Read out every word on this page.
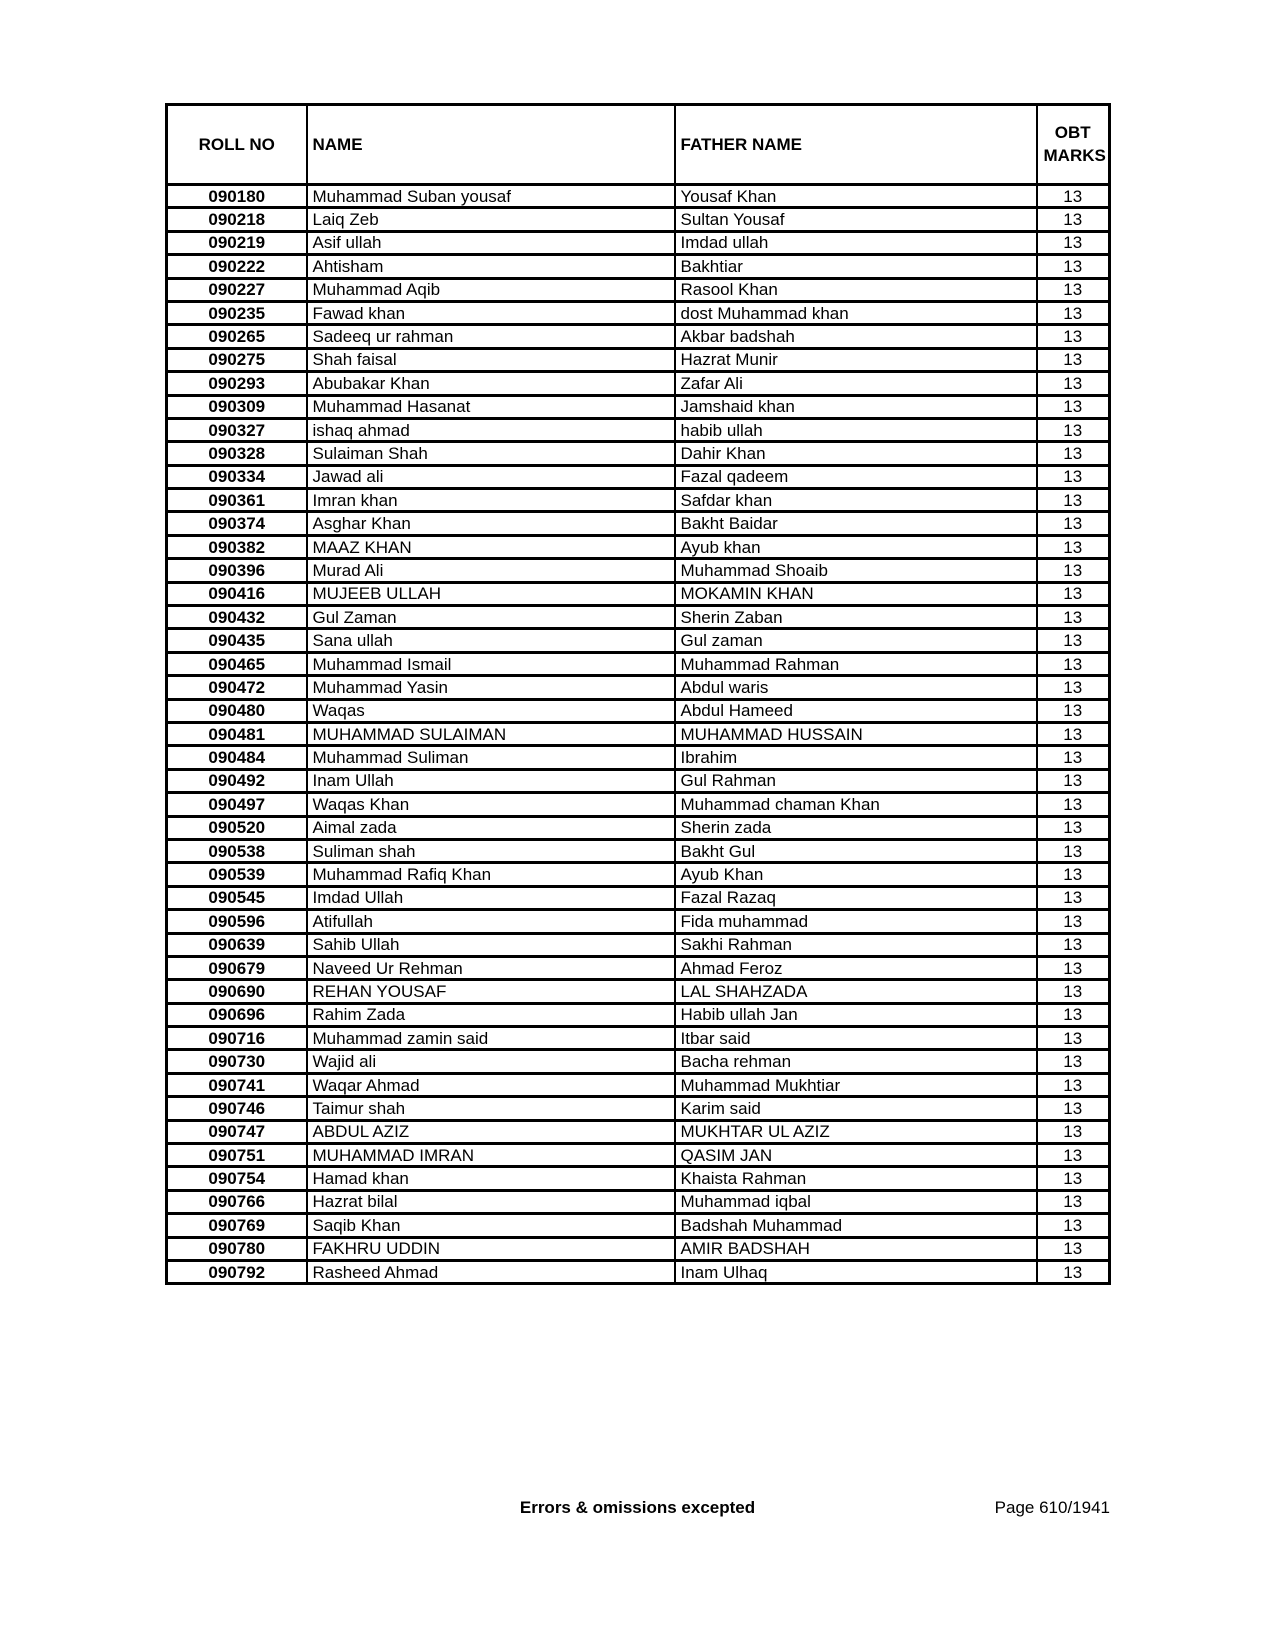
ROLL NO	NAME	FATHER NAME	OBT MARKS
090180	Muhammad Suban yousaf	Yousaf Khan	13
090218	Laiq Zeb	Sultan Yousaf	13
090219	Asif ullah	Imdad ullah	13
090222	Ahtisham	Bakhtiar	13
090227	Muhammad Aqib	Rasool Khan	13
090235	Fawad khan	dost Muhammad khan	13
090265	Sadeeq ur rahman	Akbar badshah	13
090275	Shah faisal	Hazrat Munir	13
090293	Abubakar Khan	Zafar Ali	13
090309	Muhammad Hasanat	Jamshaid khan	13
090327	ishaq ahmad	habib ullah	13
090328	Sulaiman Shah	Dahir Khan	13
090334	Jawad ali	Fazal qadeem	13
090361	Imran khan	Safdar khan	13
090374	Asghar Khan	Bakht Baidar	13
090382	MAAZ KHAN	Ayub khan	13
090396	Murad Ali	Muhammad Shoaib	13
090416	MUJEEB ULLAH	MOKAMIN KHAN	13
090432	Gul Zaman	Sherin Zaban	13
090435	Sana ullah	Gul zaman	13
090465	Muhammad Ismail	Muhammad Rahman	13
090472	Muhammad Yasin	Abdul waris	13
090480	Waqas	Abdul Hameed	13
090481	MUHAMMAD SULAIMAN	MUHAMMAD HUSSAIN	13
090484	Muhammad Suliman	Ibrahim	13
090492	Inam Ullah	Gul Rahman	13
090497	Waqas Khan	Muhammad chaman Khan	13
090520	Aimal zada	Sherin zada	13
090538	Suliman shah	Bakht Gul	13
090539	Muhammad Rafiq Khan	Ayub Khan	13
090545	Imdad Ullah	Fazal Razaq	13
090596	Atifullah	Fida muhammad	13
090639	Sahib Ullah	Sakhi Rahman	13
090679	Naveed Ur Rehman	Ahmad Feroz	13
090690	REHAN YOUSAF	LAL SHAHZADA	13
090696	Rahim Zada	Habib ullah Jan	13
090716	Muhammad zamin said	Itbar said	13
090730	Wajid ali	Bacha rehman	13
090741	Waqar Ahmad	Muhammad Mukhtiar	13
090746	Taimur shah	Karim said	13
090747	ABDUL AZIZ	MUKHTAR UL AZIZ	13
090751	MUHAMMAD IMRAN	QASIM JAN	13
090754	Hamad khan	Khaista Rahman	13
090766	Hazrat bilal	Muhammad iqbal	13
090769	Saqib Khan	Badshah Muhammad	13
090780	FAKHRU UDDIN	AMIR BADSHAH	13
090792	Rasheed Ahmad	Inam Ulhaq	13
Errors & omissions excepted	Page 610/1941
